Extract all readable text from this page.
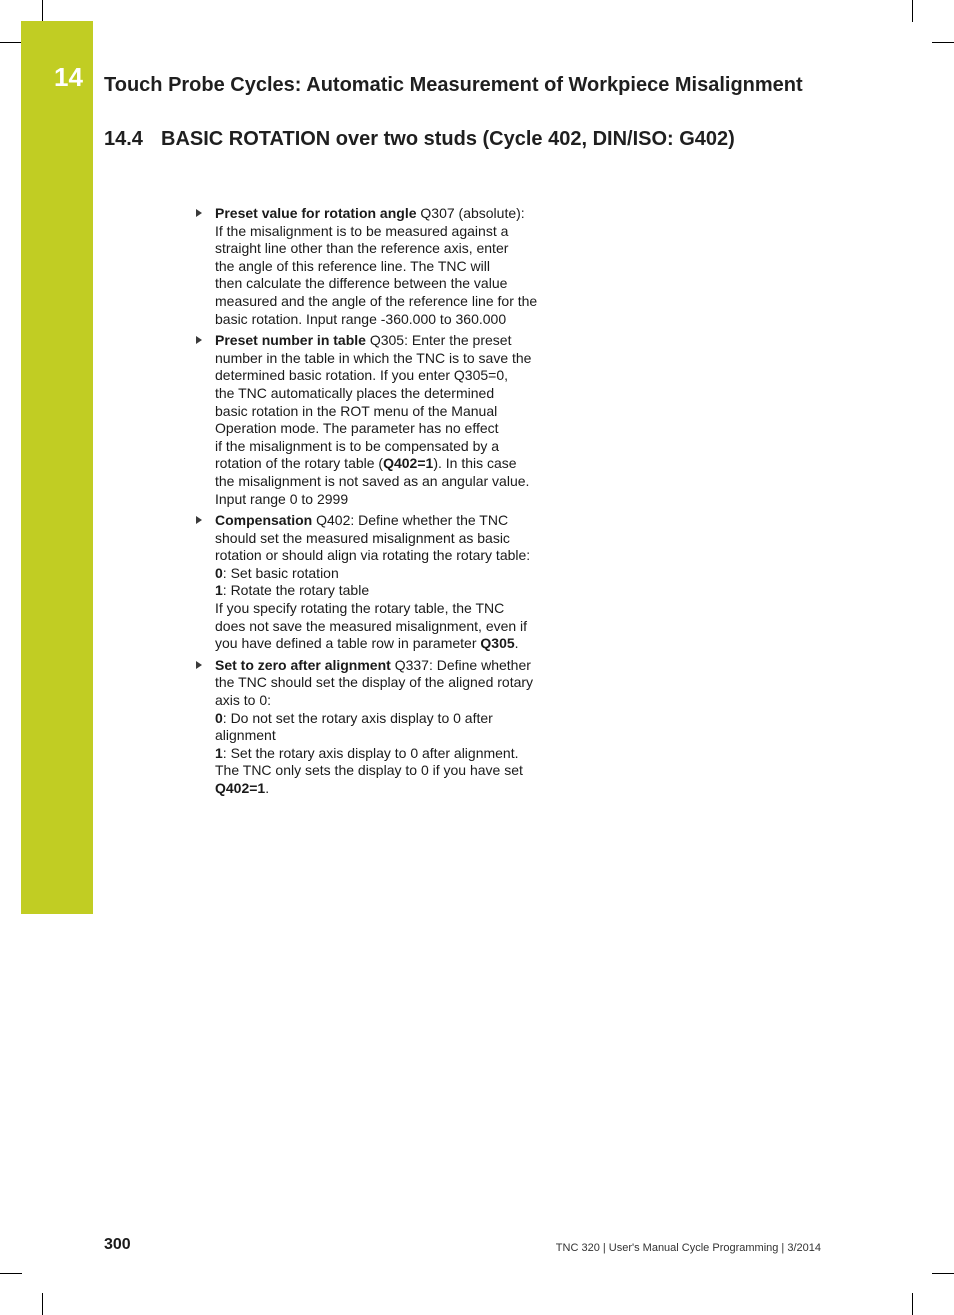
14 Touch Probe Cycles: Automatic Measurement of Workpiece Misalignment
14.4 BASIC ROTATION over two studs (Cycle 402, DIN/ISO: G402)
Preset value for rotation angle Q307 (absolute):
If the misalignment is to be measured against a
straight line other than the reference axis, enter
the angle of this reference line. The TNC will
then calculate the difference between the value
measured and the angle of the reference line for the
basic rotation. Input range -360.000 to 360.000
Preset number in table Q305: Enter the preset
number in the table in which the TNC is to save the
determined basic rotation. If you enter Q305=0,
the TNC automatically places the determined
basic rotation in the ROT menu of the Manual
Operation mode. The parameter has no effect
if the misalignment is to be compensated by a
rotation of the rotary table (Q402=1). In this case
the misalignment is not saved as an angular value.
Input range 0 to 2999
Compensation Q402: Define whether the TNC
should set the measured misalignment as basic
rotation or should align via rotating the rotary table:
0: Set basic rotation
1: Rotate the rotary table
If you specify rotating the rotary table, the TNC
does not save the measured misalignment, even if
you have defined a table row in parameter Q305.
Set to zero after alignment Q337: Define whether
the TNC should set the display of the aligned rotary
axis to 0:
0: Do not set the rotary axis display to 0 after
alignment
1: Set the rotary axis display to 0 after alignment.
The TNC only sets the display to 0 if you have set
Q402=1.
300	TNC 320 | User's Manual Cycle Programming | 3/2014
